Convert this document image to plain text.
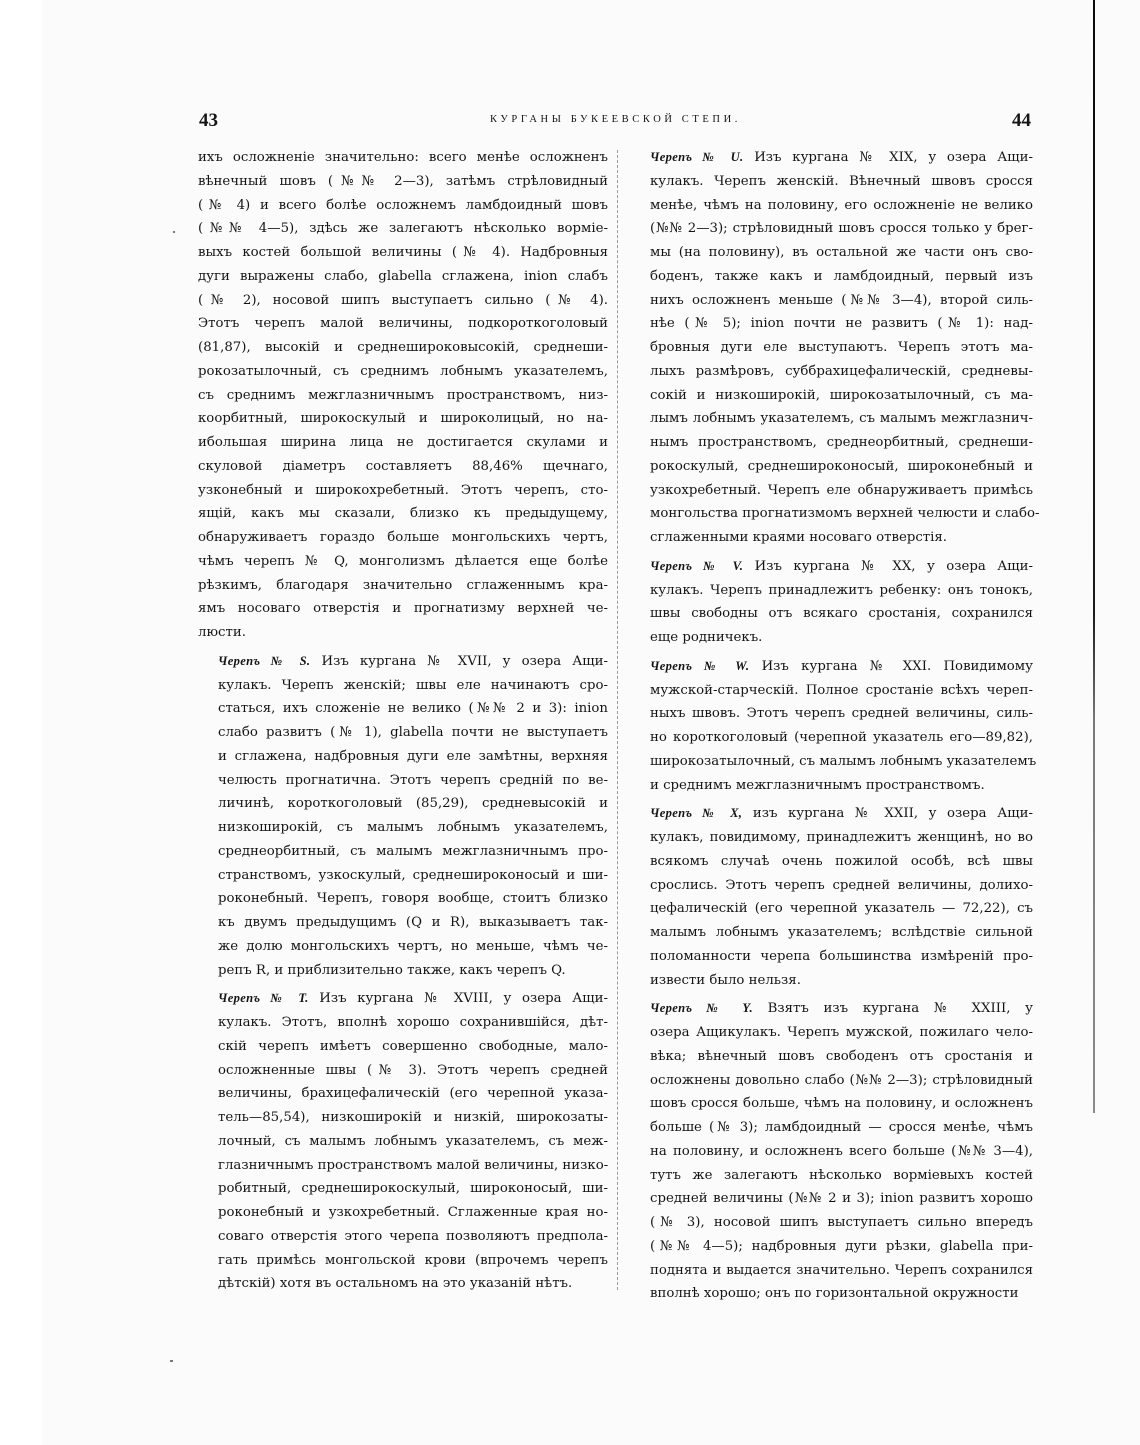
43	КУРГАНЫ БУКЕЕВСКОЙ СТЕПИ.	44

ихъ осложненіе значительно: всего менѣе осложненъ
вѣнечный шовъ (№№ 2—3), затѣмъ стрѣловидный
(№ 4) и всего болѣе осложнемъ ламбдоидный шовъ
(№№ 4—5), здѣсь же залегаютъ нѣсколько вормiе-
выхъ костей большой величины (№ 4). Надбровныя
дуги выражены слабо, glabella сглажена, inion слабъ
(№ 2), носовой шипъ выступаетъ сильно (№ 4).
Этотъ черепъ малой величины, подкороткоголовый
(81,87), высокiй и среднешироковысокiй, среднеши-
рокозатылочный, съ среднимъ лобнымъ указателемъ,
съ среднимъ межглазничнымъ пространствомъ, низ-
коорбитный, широкоскулый и широколицый, но на-
ибольшая ширина лица не достигается скулами и
скуловой дiаметръ составляетъ 88,46% щечнаго,
узконебный и широкохребетный. Этотъ черепъ, сто-
ящiй, какъ мы сказали, близко къ предыдущему,
обнаруживаетъ гораздо больше монгольскихъ чертъ,
чѣмъ черепъ № Q, монголизмъ дѣлается еще болѣе
рѣзкимъ, благодаря значительно сглаженнымъ кра-
ямъ носоваго отверстiя и прогнатизму верхней че-
люсти.

Черепъ № S. Изъ кургана № XVII, у озера Ащи-
кулакъ. Черепъ женскiй; швы еле начинаютъ сро-
статься, ихъ сложенiе не велико (№№ 2 и 3): inion
слабо развитъ (№ 1), glabella почти не выступаетъ
и сглажена, надбровныя дуги еле замѣтны, верхняя
челюсть прогнатична. Этотъ черепъ среднiй по ве-
личинѣ, короткоголовый (85,29), средневысокiй и
низкоширокiй, съ малымъ лобнымъ указателемъ,
среднеорбитный, съ малымъ межглазничнымъ про-
странствомъ, узкоскулый, среднешироконосый и ши-
роконебный. Черепъ, говоря вообще, стоитъ близко
къ двумъ предыдущимъ (Q и R), выказываетъ так-
же долю монгольскихъ чертъ, но меньше, чѣмъ че-
репъ R, и приблизительно также, какъ черепъ Q.

Черепъ № T. Изъ кургана № XVIII, у озера Ащи-
кулакъ. Этотъ, вполнѣ хорошо сохранившiйся, дѣт-
скiй черепъ имѣетъ совершенно свободные, мало-
осложненные швы (№ 3). Этотъ черепъ средней
величины, брахицефалическiй (его черепной указа-
тель—85,54), низкоширокiй и низкiй, широкозаты-
лочный, съ малымъ лобнымъ указателемъ, съ меж-
глазничнымъ пространствомъ малой величины, низко-
робитный, среднеширокоскулый, широконосый, ши-
роконебный и узкохребетный. Сглаженные края но-
соваго отверстiя этого черепа позволяютъ предпола-
гать примѣсь монгольской крови (впрочемъ черепъ
дѣтскiй) хотя въ остальномъ на это указанiй нѣтъ.

Черепъ № U. Изъ кургана № XIX, у озера Ащи-
кулакъ. Черепъ женскiй. Вѣнечный швовъ сросся
менѣе, чѣмъ на половину, его осложненiе не велико
(№№ 2—3); стрѣловидный шовъ сросся только у брег-
мы (на половину), въ остальной же части онъ сво-
боденъ, также какъ и ламбдоидный, первый изъ
нихъ осложненъ меньше (№№ 3—4), второй силь-
нѣе (№ 5); inion почти не развитъ (№ 1): над-
бровныя дуги еле выступаютъ. Черепъ этотъ ма-
лыхъ размѣровъ, суббрахицефалическiй, средневы-
сокiй и низкоширокiй, широкозатылочный, съ ма-
лымъ лобнымъ указателемъ, съ малымъ межглазнич-
нымъ пространствомъ, среднеорбитный, среднеши-
рокоскулый, среднешироконосый, широконебный и
узкохребетный. Черепъ еле обнаруживаетъ примѣсь
монгольства прогнатизмомъ верхней челюсти и слабо-
сглаженными краями носоваго отверстiя.

Черепъ № V. Изъ кургана № XX, у озера Ащи-
кулакъ. Черепъ принадлежитъ ребенку: онъ тонокъ,
швы свободны отъ всякаго сростанiя, сохранился
еще родничекъ.

Черепъ № W. Изъ кургана № XXI. Повидимому
мужской-старческiй. Полное сростанiе всѣхъ череп-
ныхъ швовъ. Этотъ черепъ средней величины, силь-
но короткоголовый (черепной указатель его—89,82),
широкозатылочный, съ малымъ лобнымъ указателемъ
и среднимъ межглазничнымъ пространствомъ.

Черепъ № X, изъ кургана № XXII, у озера Ащи-
кулакъ, повидимому, принадлежитъ женщинѣ, но во
всякомъ случаѣ очень пожилой особѣ, всѣ швы
срослись. Этотъ черепъ средней величины, долихо-
цефалическiй (его черепной указатель — 72,22), съ
малымъ лобнымъ указателемъ; вслѣдствiе сильной
поломанности черепа большинства измѣренiй про-
извести было нельзя.

Черепъ № Y. Взятъ изъ кургана № XXIII, у
озера Ащикулакъ. Черепъ мужской, пожилаго чело-
вѣка; вѣнечный шовъ свободенъ отъ сростанiя и
осложнены довольно слабо (№№ 2—3); стрѣловидный
шовъ сросся больше, чѣмъ на половину, и осложненъ
больше (№ 3); ламбдоидный — сросся менѣе, чѣмъ
на половину, и осложненъ всего больше (№№ 3—4),
тутъ же залегаютъ нѣсколько ворміевыхъ костей
средней величины (№№ 2 и 3); inion развитъ хорошо
(№ 3), носовой шипъ выступаетъ сильно впередъ
(№№ 4—5); надбровныя дуги рѣзки, glabella при-
поднята и выдается значительно. Черепъ сохранился
вполнѣ хорошо; онъ по горизонтальной окружности
